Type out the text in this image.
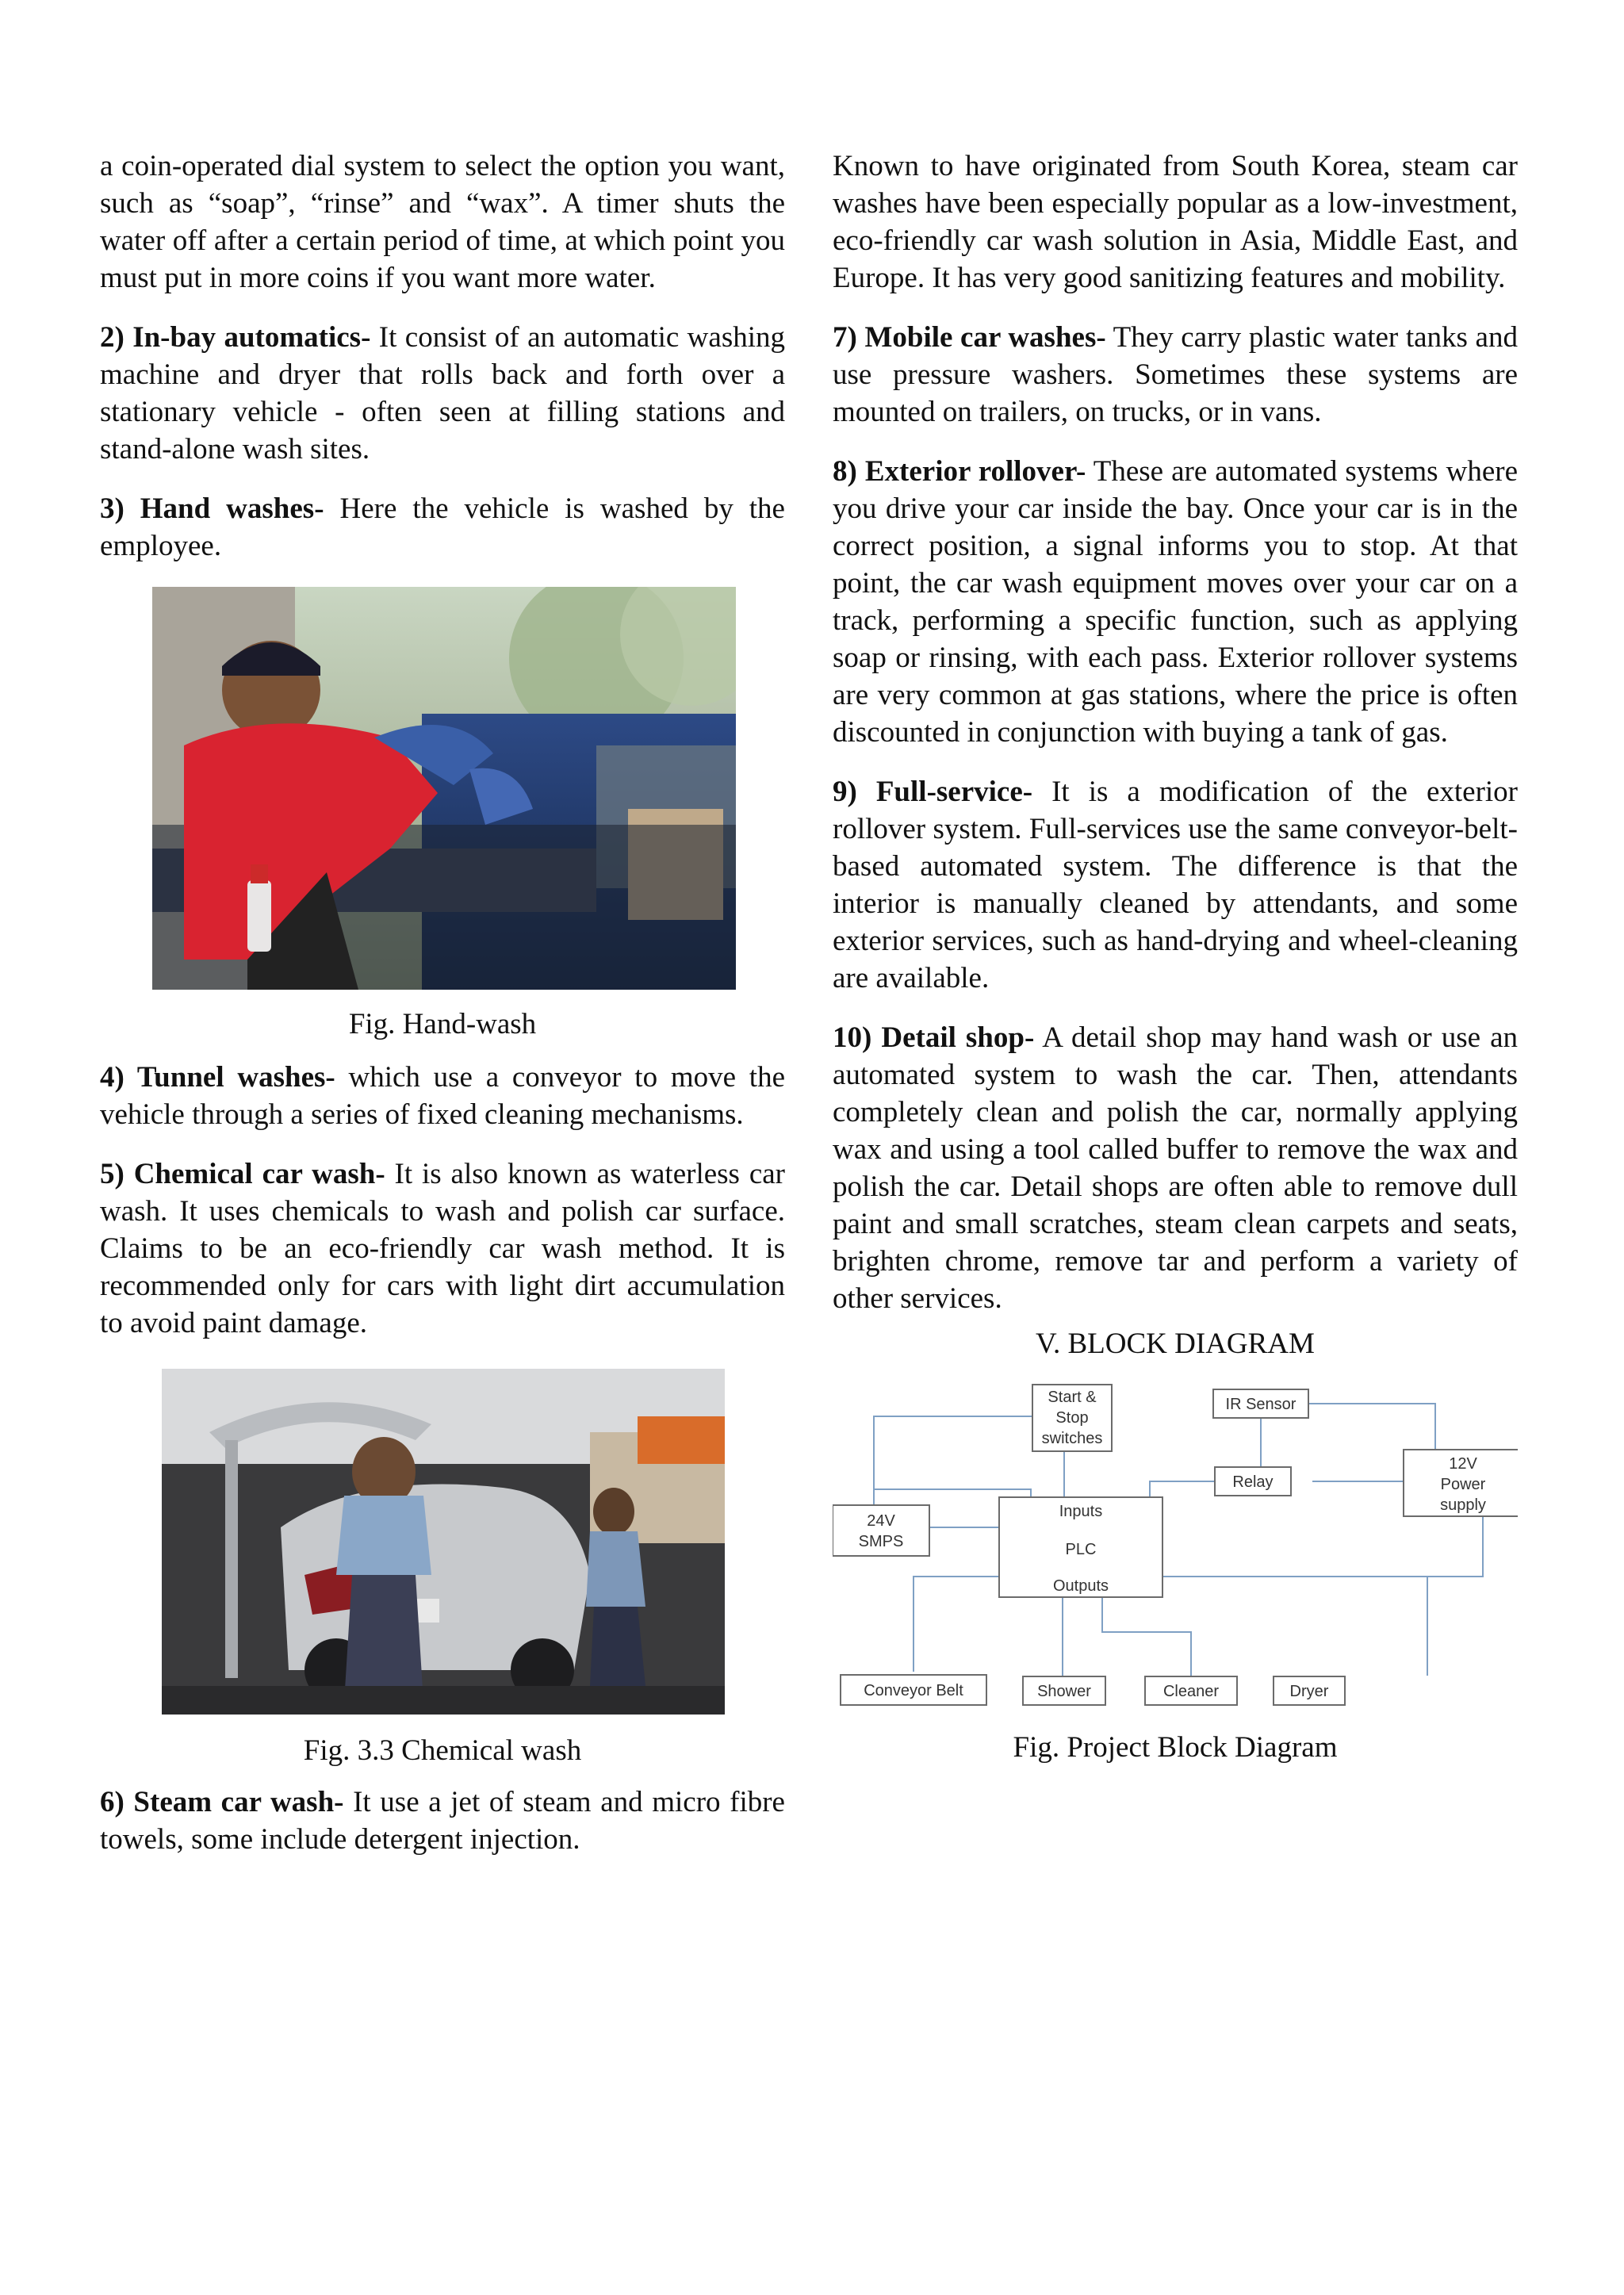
a coin-operated dial system to select the option you want, such as “soap”, “rinse” and “wax”. A timer shuts the water off after a certain period of time, at which point you must put in more coins if you want more water.

2) In-bay automatics- It consist of an automatic washing machine and dryer that rolls back and forth over a stationary vehicle - often seen at filling stations and stand-alone wash sites.

3) Hand washes- Here the vehicle is washed by the employee.

Fig. Hand-wash

4) Tunnel washes- which use a conveyor to move the vehicle through a series of fixed cleaning mechanisms.

5) Chemical car wash- It is also known as waterless car wash. It uses chemicals to wash and polish car surface. Claims to be an eco-friendly car wash method. It is recommended only for cars with light dirt accumulation to avoid paint damage.

Fig. 3.3 Chemical wash

6) Steam car wash- It use a jet of steam and micro fibre towels, some include detergent injection.

Known to have originated from South Korea, steam car washes have been especially popular as a low-investment, eco-friendly car wash solution in Asia, Middle East, and Europe. It has very good sanitizing features and mobility.

7) Mobile car washes- They carry plastic water tanks and use pressure washers. Sometimes these systems are mounted on trailers, on trucks, or in vans.

8) Exterior rollover- These are automated systems where you drive your car inside the bay. Once your car is in the correct position, a signal informs you to stop. At that point, the car wash equipment moves over your car on a track, performing a specific function, such as applying soap or rinsing, with each pass. Exterior rollover systems are very common at gas stations, where the price is often discounted in conjunction with buying a tank of gas.

9) Full-service- It is a modification of the exterior rollover system. Full-services use the same conveyor-belt-based automated system. The difference is that the interior is manually cleaned by attendants, and some exterior services, such as hand-drying and wheel-cleaning are available.

10) Detail shop- A detail shop may hand wash or use an automated system to wash the car. Then, attendants completely clean and polish the car, normally applying wax and using a tool called buffer to remove the wax and polish the car. Detail shops are often able to remove dull paint and small scratches, steam clean carpets and seats, brighten chrome, remove tar and perform a variety of other services.

V. BLOCK DIAGRAM

Start &
Stop
switches
IR Sensor
Relay
12V
Power
supply
24V
SMPS
Inputs
PLC
Outputs
Conveyor Belt	Shower	Cleaner	Dryer

Fig. Project Block Diagram
